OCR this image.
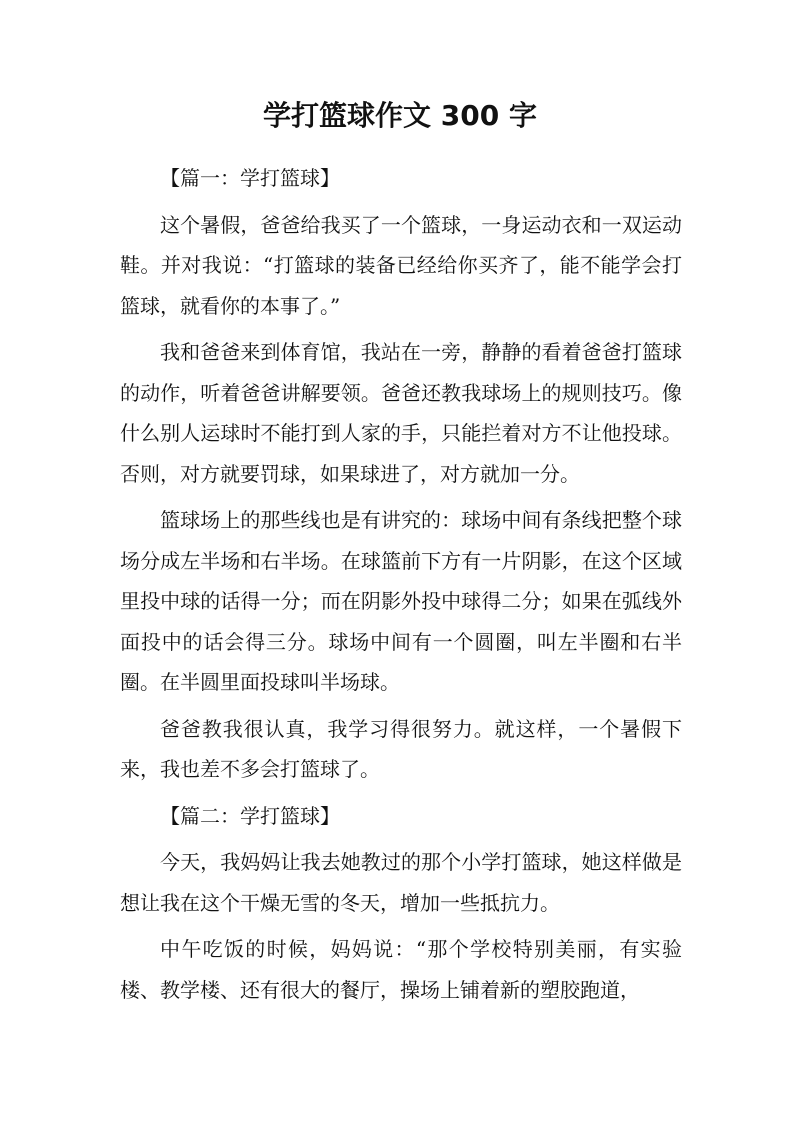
学打篮球作文 300 字

【篇一：学打篮球】

这个暑假，爸爸给我买了一个篮球，一身运动衣和一双运动鞋。并对我说：“打篮球的装备已经给你买齐了，能不能学会打篮球，就看你的本事了。”

我和爸爸来到体育馆，我站在一旁，静静的看着爸爸打篮球的动作，听着爸爸讲解要领。爸爸还教我球场上的规则技巧。像什么别人运球时不能打到人家的手，只能拦着对方不让他投球。否则，对方就要罚球，如果球进了，对方就加一分。

篮球场上的那些线也是有讲究的：球场中间有条线把整个球场分成左半场和右半场。在球篮前下方有一片阴影，在这个区域里投中球的话得一分；而在阴影外投中球得二分；如果在弧线外面投中的话会得三分。球场中间有一个圆圈，叫左半圈和右半圈。在半圆里面投球叫半场球。

爸爸教我很认真，我学习得很努力。就这样，一个暑假下来，我也差不多会打篮球了。

【篇二：学打篮球】

今天，我妈妈让我去她教过的那个小学打篮球，她这样做是想让我在这个干燥无雪的冬天，增加一些抵抗力。

中午吃饭的时候，妈妈说：“那个学校特别美丽，有实验楼、教学楼、还有很大的餐厅，操场上铺着新的塑胶跑道，
